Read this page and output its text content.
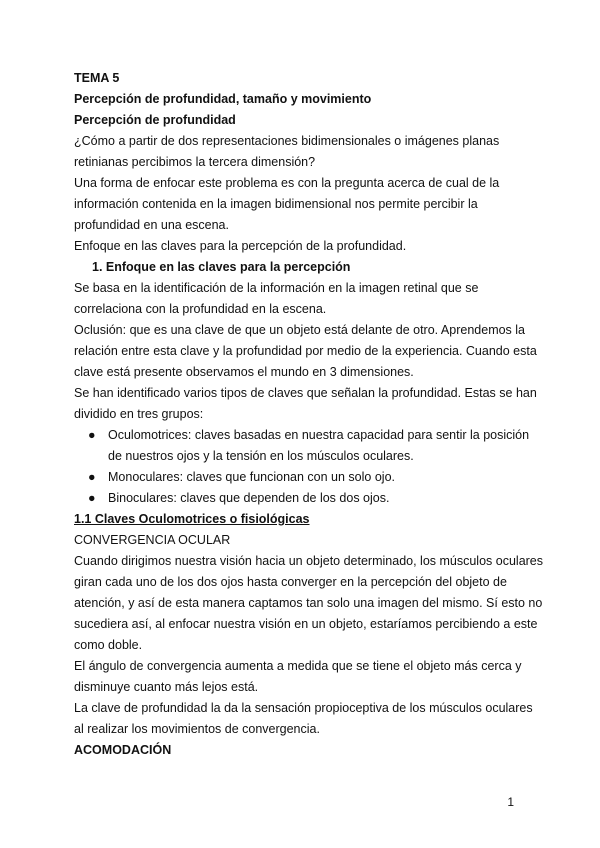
TEMA 5
Percepción de profundidad, tamaño y movimiento
Percepción de profundidad
¿Cómo a partir de dos representaciones bidimensionales o imágenes planas
retinianas percibimos la tercera dimensión?
Una forma de enfocar este problema es con la pregunta acerca de cual de la
información contenida en la imagen bidimensional nos permite percibir la
profundidad en una escena.
Enfoque en las claves para la percepción de la profundidad.
1. Enfoque en las claves para la percepción
Se basa en la identificación de la información en la imagen retinal que se
correlaciona con la profundidad en la escena.
Oclusión: que es una clave de que un objeto está delante de otro. Aprendemos la
relación entre esta clave y la profundidad por medio de la experiencia. Cuando esta
clave está presente observamos el mundo en 3 dimensiones.
Se han identificado varios tipos de claves que señalan la profundidad. Estas se han
dividido en tres grupos:
● Oculomotrices: claves basadas en nuestra capacidad para sentir la posición
de nuestros ojos y la tensión en los músculos oculares.
● Monoculares: claves que funcionan con un solo ojo.
● Binoculares: claves que dependen de los dos ojos.
1.1 Claves Oculomotrices o fisiológicas
CONVERGENCIA OCULAR
Cuando dirigimos nuestra visión hacia un objeto determinado, los músculos oculares
giran cada uno de los dos ojos hasta converger en la percepción del objeto de
atención, y así de esta manera captamos tan solo una imagen del mismo. Sí esto no
sucediera así, al enfocar nuestra visión en un objeto, estaríamos percibiendo a este
como doble.
El ángulo de convergencia aumenta a medida que se tiene el objeto más cerca y
disminuye cuanto más lejos está.
La clave de profundidad la da la sensación propioceptiva de los músculos oculares
al realizar los movimientos de convergencia.
ACOMODACIÓN
1
